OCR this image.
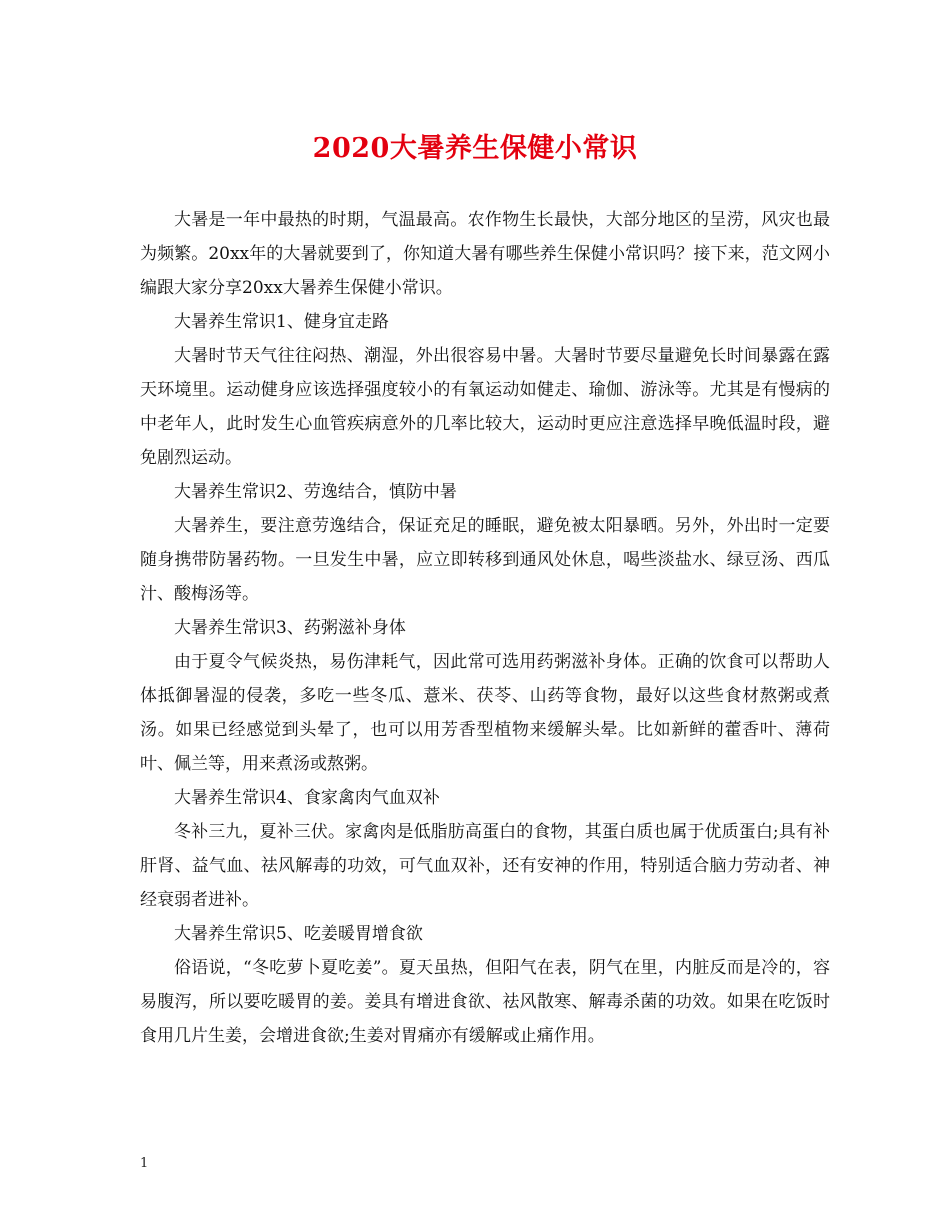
2020大暑养生保健小常识

大暑是一年中最热的时期，气温最高。农作物生长最快，大部分地区的呈涝，风灾也最为频繁。20xx年的大暑就要到了，你知道大暑有哪些养生保健小常识吗？接下来，范文网小编跟大家分享20xx大暑养生保健小常识。

大暑养生常识1、健身宜走路

大暑时节天气往往闷热、潮湿，外出很容易中暑。大暑时节要尽量避免长时间暴露在露天环境里。运动健身应该选择强度较小的有氧运动如健走、瑜伽、游泳等。尤其是有慢病的中老年人，此时发生心血管疾病意外的几率比较大，运动时更应注意选择早晚低温时段，避免剧烈运动。

大暑养生常识2、劳逸结合，慎防中暑

大暑养生，要注意劳逸结合，保证充足的睡眠，避免被太阳暴晒。另外，外出时一定要随身携带防暑药物。一旦发生中暑，应立即转移到通风处休息，喝些淡盐水、绿豆汤、西瓜汁、酸梅汤等。

大暑养生常识3、药粥滋补身体

由于夏令气候炎热，易伤津耗气，因此常可选用药粥滋补身体。正确的饮食可以帮助人体抵御暑湿的侵袭，多吃一些冬瓜、薏米、茯苓、山药等食物，最好以这些食材熬粥或煮汤。如果已经感觉到头晕了，也可以用芳香型植物来缓解头晕。比如新鲜的藿香叶、薄荷叶、佩兰等，用来煮汤或熬粥。

大暑养生常识4、食家禽肉气血双补

冬补三九，夏补三伏。家禽肉是低脂肪高蛋白的食物，其蛋白质也属于优质蛋白;具有补肝肾、益气血、祛风解毒的功效，可气血双补，还有安神的作用，特别适合脑力劳动者、神经衰弱者进补。

大暑养生常识5、吃姜暖胃增食欲

俗语说，“冬吃萝卜夏吃姜”。夏天虽热，但阳气在表，阴气在里，内脏反而是冷的，容易腹泻，所以要吃暖胃的姜。姜具有增进食欲、祛风散寒、解毒杀菌的功效。如果在吃饭时食用几片生姜，会增进食欲;生姜对胃痛亦有缓解或止痛作用。

1
